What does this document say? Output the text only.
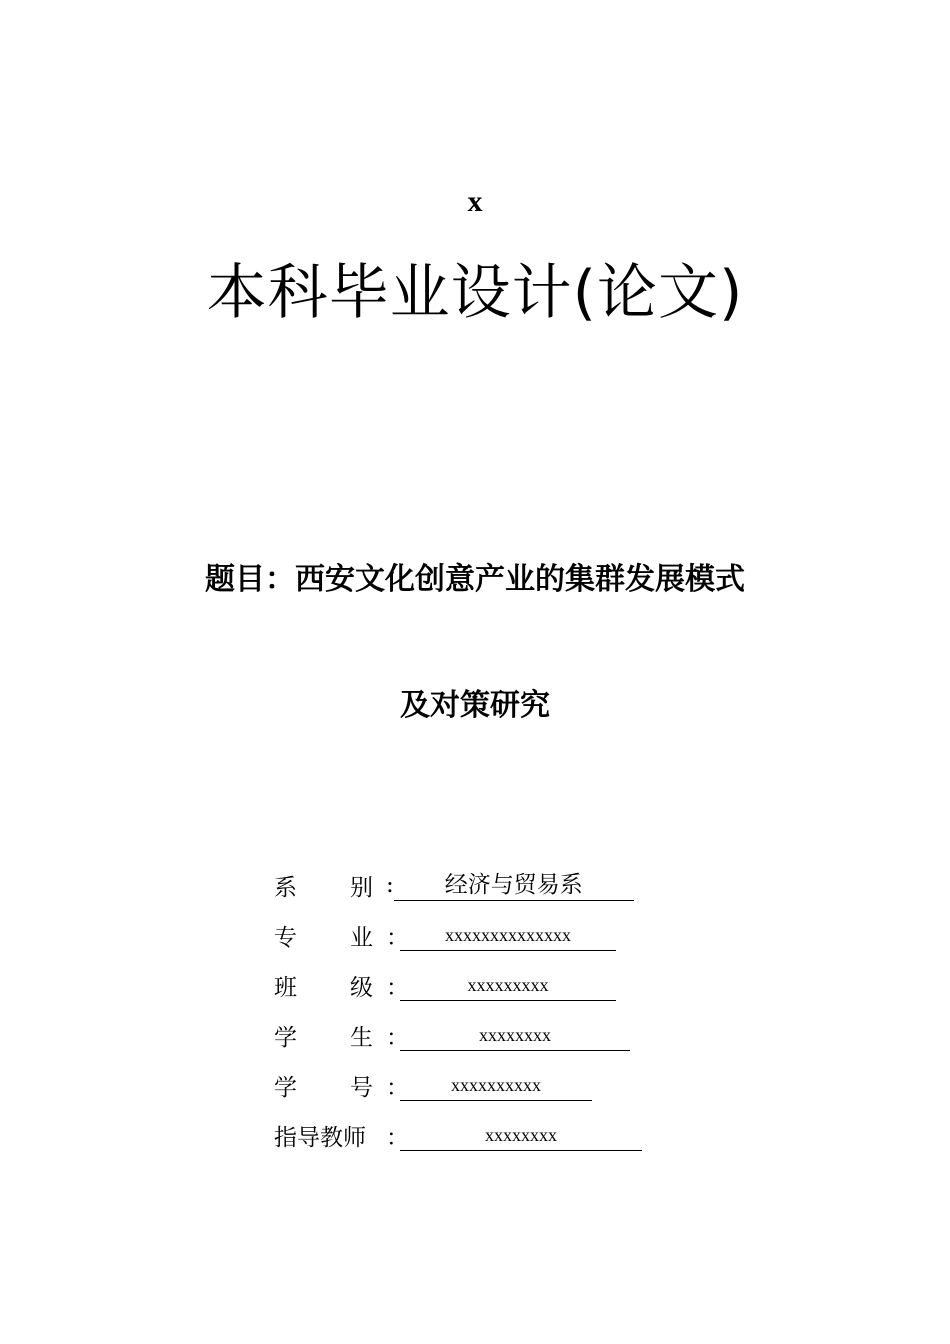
x
本科毕业设计(论文)
题目：西安文化创意产业的集群发展模式
及对策研究
系 别 :	经济与贸易系
专 业 ：	xxxxxxxxxxxxxx
班 级 ：	xxxxxxxxx
学 生 ：	xxxxxxxx
学 号 ：	xxxxxxxxxx
指导教师 ：	xxxxxxxx
